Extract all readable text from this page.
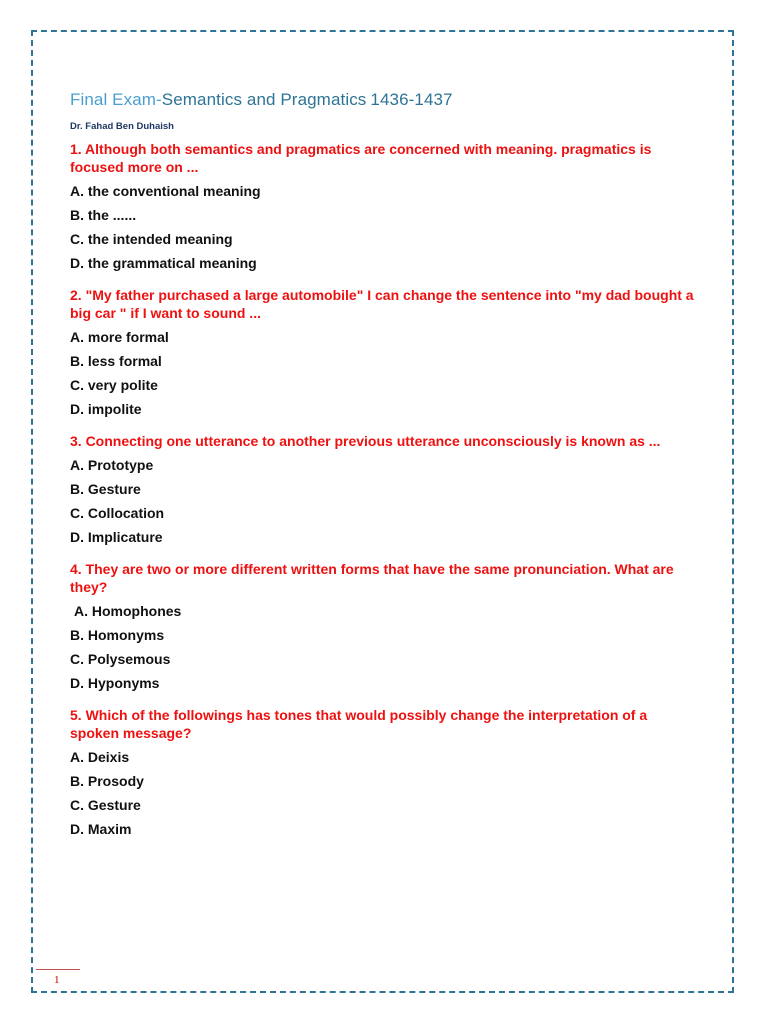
Final Exam-Semantics and Pragmatics 1436-1437

Dr. Fahad Ben Duhaish

1. Although both semantics and pragmatics are concerned with meaning. pragmatics is focused more on ...

A. the conventional meaning
B. the ......
C. the intended meaning
D. the grammatical meaning

2. "My father purchased a large automobile" I can change the sentence into "my dad bought a big car " if I want to sound ...

A. more formal
B. less formal
C. very polite
D. impolite

3. Connecting one utterance to another previous utterance unconsciously is known as ...

A. Prototype
B. Gesture
C. Collocation
D. Implicature

4. They are two or more different written forms that have the same pronunciation. What are they?

A. Homophones
B. Homonyms
C. Polysemous
D. Hyponyms

5. Which of the followings has tones that would possibly change the interpretation of a spoken message?

A. Deixis
B. Prosody
C. Gesture
D. Maxim
1
